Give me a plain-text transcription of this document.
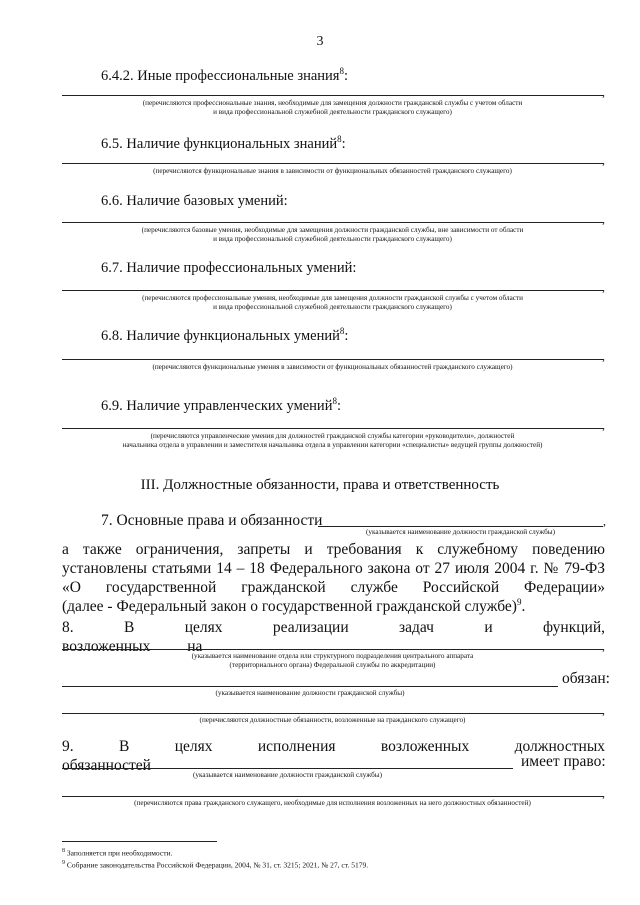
3
6.4.2. Иные профессиональные знания$^8$:
,
(перечисляются профессиональные знания, необходимые для замещения должности гражданской службы с учетом области
и вида профессиональной служебной деятельности гражданского служащего)
6.5. Наличие функциональных знаний$^8$:
,
(перечисляются функциональные знания в зависимости от функциональных обязанностей гражданского служащего)
6.6. Наличие базовых умений:
,
(перечисляются базовые умения, необходимые для замещения должности гражданской службы, вне зависимости от области
и вида профессиональной служебной деятельности гражданского служащего)
6.7. Наличие профессиональных умений:
,
(перечисляются профессиональные умения, необходимые для замещения должности гражданской службы с учетом области
и вида профессиональной служебной деятельности гражданского служащего)
6.8. Наличие функциональных умений$^8$:
,
(перечисляются функциональные умения в зависимости от функциональных обязанностей гражданского служащего)
6.9. Наличие управленческих умений$^8$:
,
(перечисляются управленческие умения для должностей гражданской службы категории «руководители», должностей
начальника отдела в управлении и заместителя начальника отдела в управлении категории «специалисты» ведущей группы должностей)
III. Должностные обязанности, права и ответственность
7. Основные права и обязанности	,
(указывается наименование должности гражданской службы)
а также ограничения, запреты и требования к служебному поведению установлены статьями 14 – 18 Федерального закона от 27 июля 2004 г. № 79-ФЗ «О государственной гражданской службе Российской Федерации»
(далее - Федеральный закон о государственной гражданской службе)$^9$.
8. В целях реализации задач и функций, возложенных на	,
(указывается наименование отдела или структурного подразделения центрального аппарата
(территориального органа) Федеральной службы по аккредитации)
обязан:
(указывается наименование должности гражданской службы)
,
(перечисляются должностные обязанности, возложенные на гражданского служащего)
9. В целях исполнения возложенных должностных обязанностей	имеет право:
(указывается наименование должности гражданской службы)
,
(перечисляются права гражданского служащего, необходимые для исполнения возложенных на него должностных обязанностей)
$^8$ Заполняется при необходимости.
$^9$ Собрание законодательства Российской Федерации, 2004, № 31, ст. 3215; 2021, № 27, ст. 5179.
